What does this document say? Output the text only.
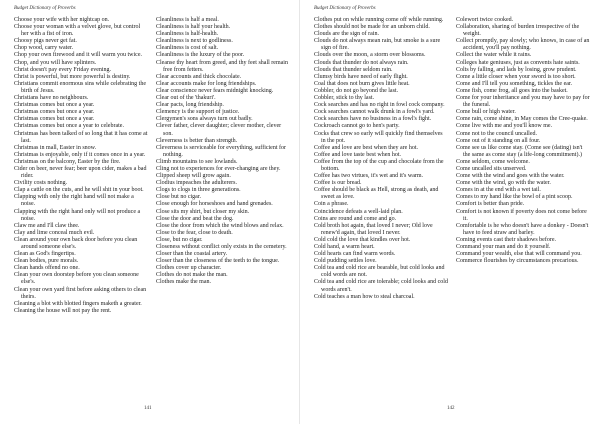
Budget Dictionary of Proverbs

Choose your wife with her nightcap on.

Choose your woman with a velvet glove, but control her with a fist of iron.

Choosy pigs never get fat.

Chop wood, carry water.

Chop your own firewood and it will warm you twice.

Chop, and you will have splinters.

Christ doesn't pay every Friday evening.

Christ is powerful, but more powerful is destiny.

Christians commit enormous sins while celebrating the birth of Jesus.

Christians have no neighbours.

Christmas comes but once a year.

Christmas comes but once a year.

Christmas comes but once a year.

Christmas comes but once a year to celebrate.

Christmas has been talked of so long that it has come at last.

Christmas in mall, Easter in snow.

Christmas is enjoyable, only if it comes once in a year.

Christmas on the balcony, Easter by the fire.

Cider on beer, never fear; beer upon cider, makes a bad rider.

Civility costs nothing.

Clap a cattle on the cuts, and he will shit in your boot.

Clapping with only the right hand will not make a noise.

Clapping with the right hand only will not produce a noise.

Claw me and I'll claw thee.

Clay and lime conceal much evil.

Clean around your own back door before you clean around someone else's.

Clean as God's fingertips.

Clean bodies, pure morals.

Clean hands offend no one.

Clean your own doorstep before you clean someone else's.

Clean your own yard first before asking others to clean theirs.

Cleaning a blot with blotted fingers maketh a greater.

Cleaning the house will not pay the rent.

Cleanliness is half a meal.

Cleanliness is half your health.

Cleanliness is half-health.

Cleanliness is next to godliness.

Cleanliness is cost of salt.

Cleanliness is the luxury of the poor.

Cleanse thy heart from greed, and thy feet shall remain free from fetters.

Clear accounts and thick chocolate.

Clear accounts make for long friendships.

Clear conscience never fears midnight knocking.

Clear out of the 'thakuri'.

Clear pacts, long friendship.

Clemency is the support of justice.

Clergymen's sons always turn out badly.

Clever father, clever daughter; clever mother, clever son.

Cleverness is better than strength.

Cleverness is serviceable for everything, sufficient for nothing.

Climb mountains to see lowlands.

Cling not to experiences for ever-changing are they.

Clipped sheep will grow again.

Clodius impeaches the adulterers.

Clogs to clogs in three generations.

Close but no cigar.

Close enough for horseshoes and hand grenades.

Close sits my shirt, but closer my skin.

Close the door and beat the dog.

Close the door from which the wind blows and relax.

Close to the fear, close to death.

Close, but no cigar.

Closeness without conflict only exists in the cemetery.

Closer than the coastal artery.

Closer than the closeness of the teeth to the tongue.

Clothes cover up character.

Clothes do not make the man.

Clothes make the man.

141
Budget Dictionary of Proverbs

Clothes put on while running come off while running.

Clothes should not be made for an unborn child.

Clouds are the sign of rain.

Clouds do not always mean rain, but smoke is a sure sign of fire.

Clouds over the moon, a storm over blossoms.

Clouds that thunder do not always rain.

Clouds that thunder seldom rain.

Clumsy birds have need of early flight.

Coal that does not burn gives little heat.

Cobbler, do not go beyond the last.

Cobbler, stick to thy last.

Cock searches and has no right in fowl cock company.

Cock searches cannot walk drunk in a fowl's yard.

Cock searches have no business in a fowl's fight.

Cockroach cannot go to hen's party.

Cocks that crew so early will quickly find themselves in the pot.

Coffee and love are best when they are hot.

Coffee and love taste best when hot.

Coffee from the top of the cup and chocolate from the bottom.

Coffee has two virtues, it's wet and it's warm.

Coffee is our bread.

Coffee should be black as Hell, strong as death, and sweet as love.

Coin a phrase.

Coincidence defeats a well-laid plan.

Coins are round and come and go.

Cold broth hot again, that loved I never; Old love renew'd again, that loved I never.

Cold cold the love that kindles over hot.

Cold hand, a warm heart.

Cold hearts can find warm words.

Cold pudding settles love.

Cold tea and cold rice are bearable, but cold looks and cold words are not.

Cold tea and cold rice are tolerable; cold looks and cold words aren't.

Cold teaches a man how to steal charcoal.

Colewort twice cooked.

Collaboration, sharing of burden irrespective of the weight.

Collect promptly, pay slowly; who knows, in case of an accident, you'll pay nothing.

Collect the water while it rains.

Colleges hate geniuses, just as convents hate saints.

Colts by falling, and lads by losing, grow prudent.

Come a little closer when your sword is too short.

Come and I'll tell you something, tickles the ear.

Come fish, come frog, all goes into the basket.

Come for your inheritance and you may have to pay for the funeral.

Come bull or high water.

Come rain, come shine, in May comes the Cree-quake.

Come live with me and you'll know me.

Come not to the council uncalled.

Come out of it standing on all four.

Come see us like come stay. (Come see (dating) isn't the same as come stay (a life-long commitment).)

Come seldom, come welcome.

Come uncalled sits unserved.

Come with the wind and goes with the water.

Come with the wind, go with the water.

Comes in at the end with a wet tail.

Comes to my hand like the bowl of a pint scoop.

Comfort is better than pride.

Comfort is not known if poverty does not come before it.

Comfortable is he who doesn't have a donkey - Doesn't have to feed straw and barley.

Coming events cast their shadows before.

Command your man and do it yourself.

Command your wealth, else that will command you.

Commerce flourishes by circumstances precarious.

142
